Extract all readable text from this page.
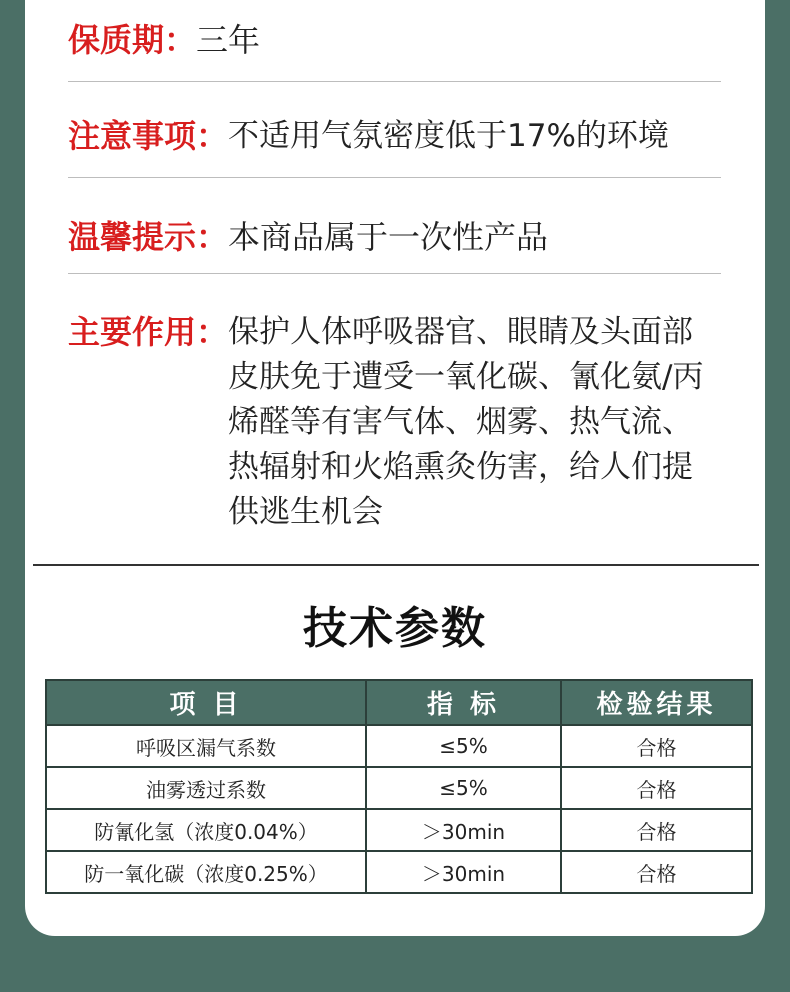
保质期： 三年
注意事项： 不适用气氛密度低于17%的环境
温馨提示： 本商品属于一次性产品
主要作用： 保护人体呼吸器官、眼睛及头面部皮肤免于遭受一氧化碳、氰化氨/丙烯醛等有害气体、烟雾、热气流、热辐射和火焰熏灸伤害，给人们提供逃生机会
技术参数
项 目	指 标	检验结果
呼吸区漏气系数	≤5%	合格
油雾透过系数	≤5%	合格
防氰化氢（浓度0.04%）	＞30min	合格
防一氧化碳（浓度0.25%）	＞30min	合格
